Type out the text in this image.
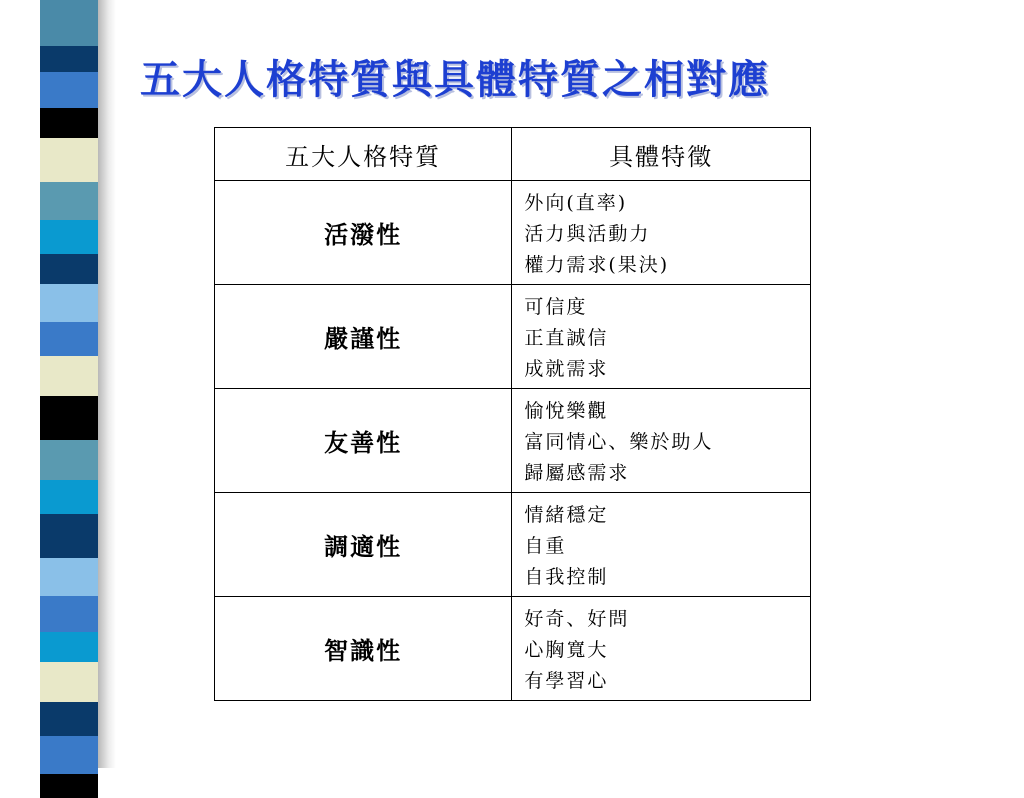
五大人格特質與具體特質之相對應
五大人格特質	具體特徵
活潑性	外向(直率)
活力與活動力
權力需求(果決)

嚴謹性	可信度
正直誠信
成就需求

友善性	愉悅樂觀
富同情心、樂於助人
歸屬感需求

調適性	情緒穩定
自重
自我控制

智識性	好奇、好問
心胸寬大
有學習心
